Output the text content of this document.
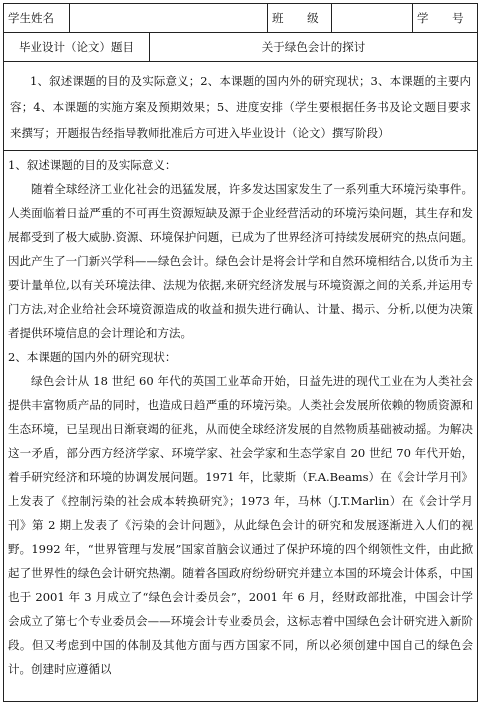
学生姓名			班 级		学 号
毕业设计（论文）题目		关于绿色会计的探讨			
1、叙述课题的目的及实际意义；2、本课题的国内外的研究现状；3、本课题的主要内容；4、本课题的实施方案及预期效果；5、进度安排（学生要根据任务书及论文题目要求来撰写；开题报告经指导教师批准后方可进入毕业设计（论文）撰写阶段）					

1、叙述课题的目的及实际意义：

随着全球经济工业化社会的迅猛发展，许多发达国家发生了一系列重大环境污染事件。人类面临着日益严重的不可再生资源短缺及源于企业经营活动的环境污染问题，其生存和发展都受到了极大威胁.资源、环境保护问题，已成为了世界经济可持续发展研究的热点问题。因此产生了一门新兴学科——绿色会计。绿色会计是将会计学和自然环境相结合,以货币为主要计量单位,以有关环境法律、法规为依据,来研究经济发展与环境资源之间的关系,并运用专门方法,对企业给社会环境资源造成的收益和损失进行确认、计量、揭示、分析,以便为决策者提供环境信息的会计理论和方法。

2、本课题的国内外的研究现状：

绿色会计从 18 世纪 60 年代的英国工业革命开始，日益先进的现代工业在为人类社会提供丰富物质产品的同时，也造成日趋严重的环境污染。人类社会发展所依赖的物质资源和生态环境，已呈现出日渐衰竭的征兆，从而使全球经济发展的自然物质基础被动摇。为解决这一矛盾，部分西方经济学家、环境学家、社会学家和生态学家自 20 世纪 70 年代开始，着手研究经济和环境的协调发展问题。1971 年，比蒙斯（F.A.Beams）在《会计学月刊》上发表了《控制污染的社会成本转换研究》；1973 年，马林（J.T.Marlin）在《会计学月刊》第 2 期上发表了《污染的会计问题》，从此绿色会计的研究和发展逐渐进入人们的视野。1992 年，“世界管理与发展”国家首脑会议通过了保护环境的四个纲领性文件，由此掀起了世界性的绿色会计研究热潮。随着各国政府纷纷研究并建立本国的环境会计体系，中国也于 2001 年 3 月成立了“绿色会计委员会”，2001 年 6 月，经财政部批准，中国会计学会成立了第七个专业委员会——环境会计专业委员会，这标志着中国绿色会计研究进入新阶段。但又考虑到中国的体制及其他方面与西方国家不同，所以必须创建中国自己的绿色会计。创建时应遵循以					
